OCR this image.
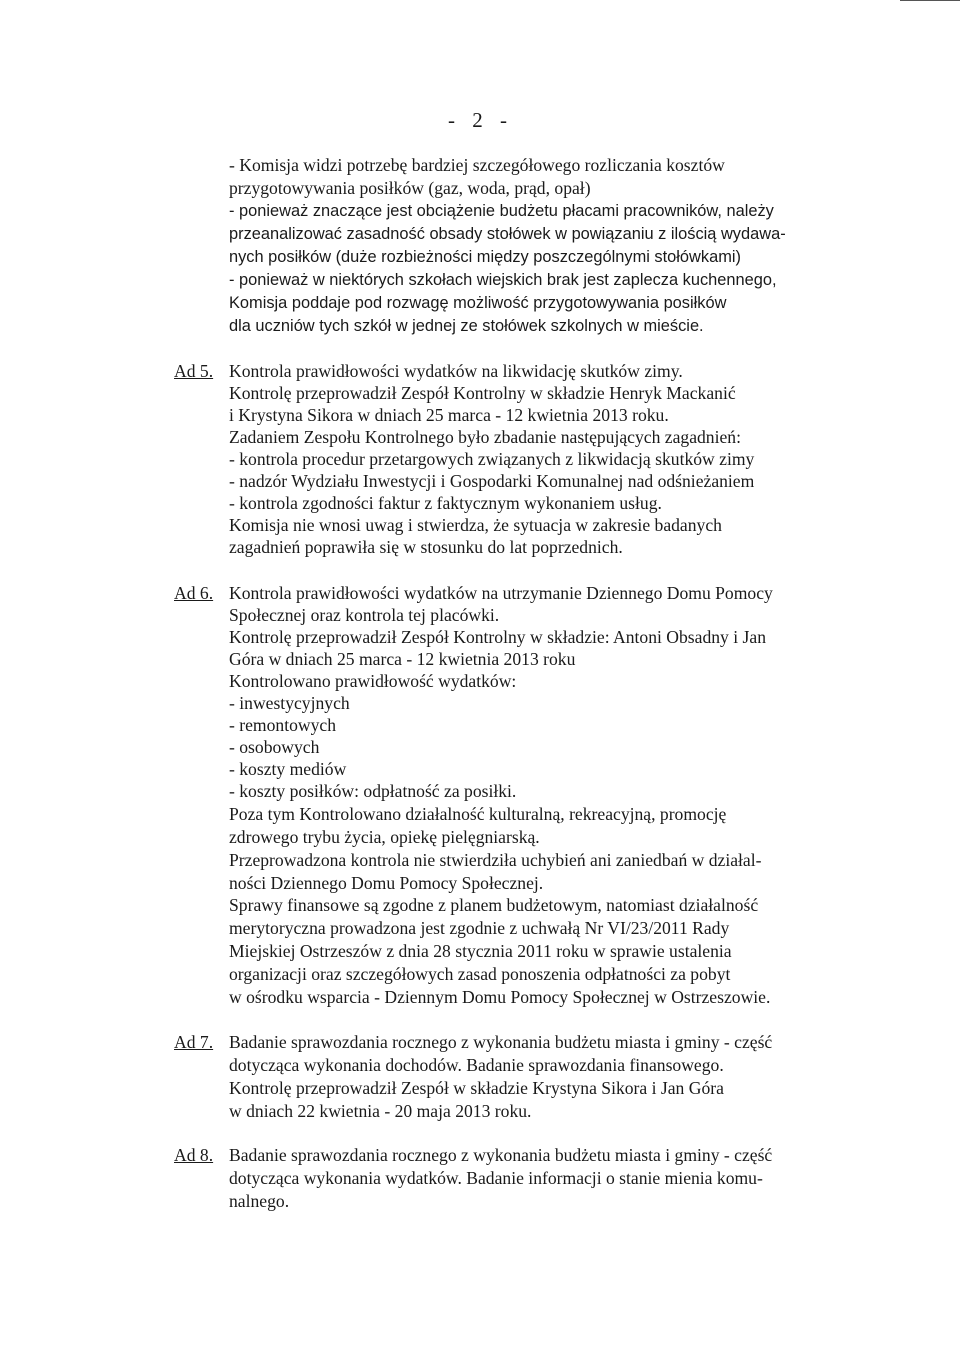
- 2 -
- Komisja widzi potrzebę bardziej szczegółowego rozliczania kosztów
przygotowywania posiłków (gaz, woda, prąd, opał)
- ponieważ znaczące jest obciążenie budżetu płacami pracowników, należy
przeanalizować zasadność obsady stołówek w powiązaniu z ilością wydawa-
nych posiłków (duże rozbieżności między poszczególnymi stołówkami)
- ponieważ w niektórych szkołach wiejskich brak jest zaplecza kuchennego,
Komisja poddaje pod rozwagę możliwość przygotowywania posiłków
dla uczniów tych szkół w jednej ze stołówek szkolnych w mieście.
Ad 5. Kontrola prawidłowości wydatków na likwidację skutków zimy.
Kontrolę przeprowadził Zespół Kontrolny w składzie Henryk Mackanić
i Krystyna Sikora w dniach 25 marca - 12 kwietnia 2013 roku.
Zadaniem Zespołu Kontrolnego było zbadanie następujących zagadnień:
- kontrola procedur przetargowych związanych z likwidacją skutków zimy
- nadzór Wydziału Inwestycji i Gospodarki Komunalnej nad odśnieżaniem
- kontrola zgodności faktur z faktycznym wykonaniem usług.
Komisja nie wnosi uwag i stwierdza, że sytuacja w zakresie badanych
zagadnień poprawiła się w stosunku do lat poprzednich.
Ad 6. Kontrola prawidłowości wydatków na utrzymanie Dziennego Domu Pomocy
Społecznej oraz kontrola tej placówki.
Kontrolę przeprowadził Zespół Kontrolny w składzie: Antoni Obsadny i Jan
Góra w dniach 25 marca - 12 kwietnia 2013 roku
Kontrolowano prawidłowość wydatków:
- inwestycyjnych
- remontowych
- osobowych
- koszty mediów
- koszty posiłków: odpłatność za posiłki.
Poza tym Kontrolowano działalność kulturalną, rekreacyjną, promocję
zdrowego trybu życia, opiekę pielęgniarską.
Przeprowadzona kontrola nie stwierdziła uchybień ani zaniedbań w działal-
ności Dziennego Domu Pomocy Społecznej.
Sprawy finansowe są zgodne z planem budżetowym, natomiast działalność
merytoryczna prowadzona jest zgodnie z uchwałą Nr VI/23/2011 Rady
Miejskiej Ostrzeszów z dnia 28 stycznia 2011 roku w sprawie ustalenia
organizacji oraz szczegółowych zasad ponoszenia odpłatności za pobyt
w ośrodku wsparcia - Dziennym Domu Pomocy Społecznej w Ostrzeszowie.
Ad 7. Badanie sprawozdania rocznego z wykonania budżetu miasta i gminy - część
dotycząca wykonania dochodów. Badanie sprawozdania finansowego.
Kontrolę przeprowadził Zespół w składzie Krystyna Sikora i Jan Góra
w dniach 22 kwietnia - 20 maja 2013 roku.
Ad 8. Badanie sprawozdania rocznego z wykonania budżetu miasta i gminy - część
dotycząca wykonania wydatków. Badanie informacji o stanie mienia komu-
nalnego.
